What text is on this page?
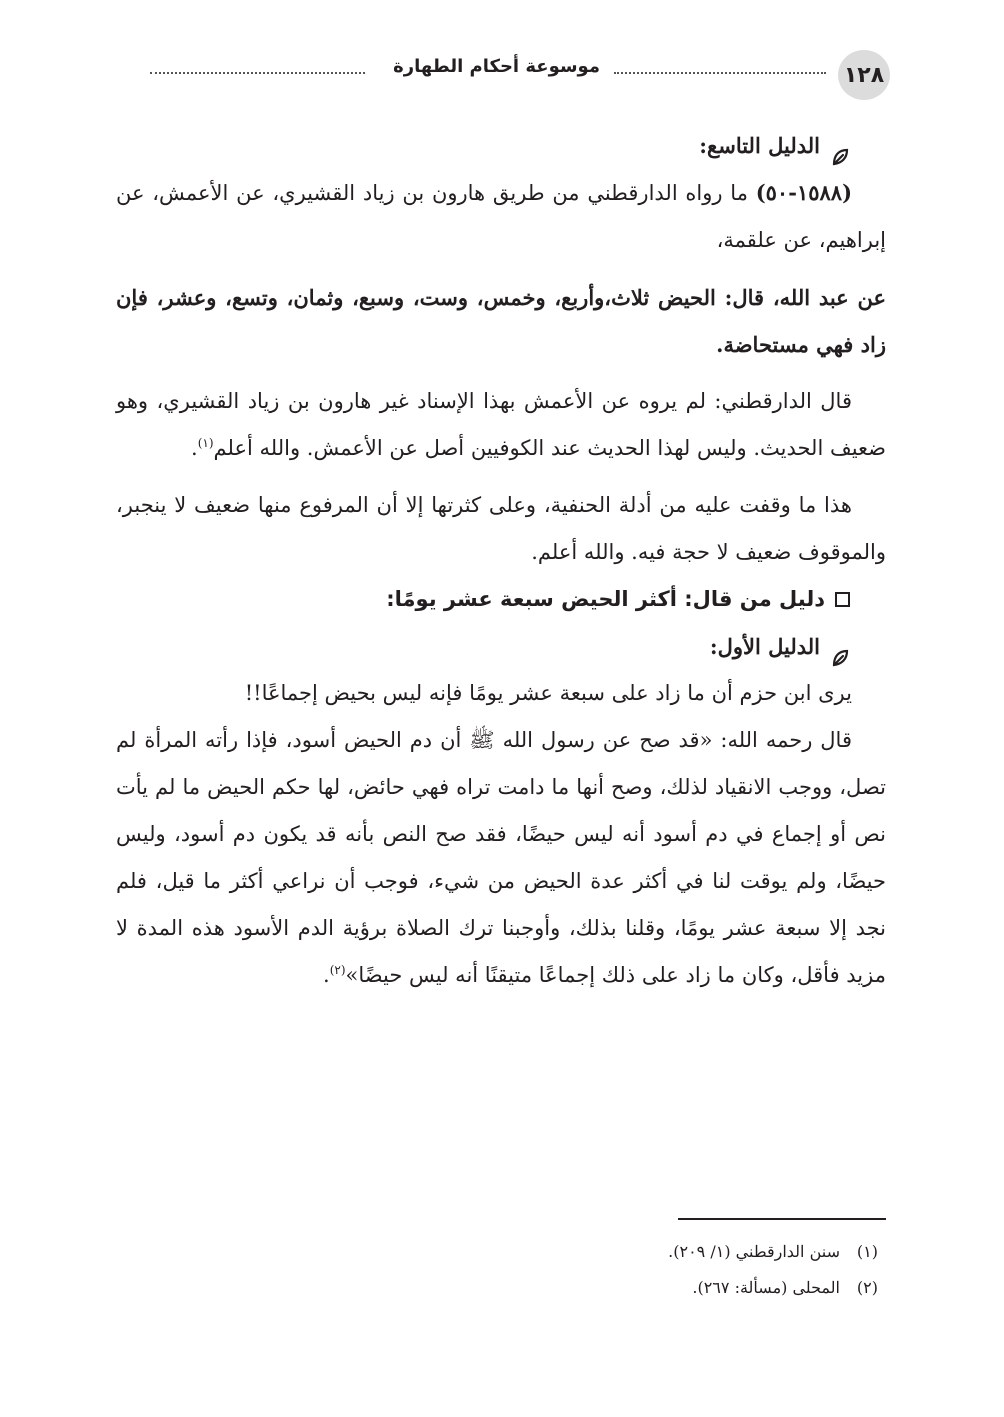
١٢٨
موسوعة أحكام الطهارة
الدليل التاسع:

(١٥٨٨-٥٠) ما رواه الدارقطني من طريق هارون بن زياد القشيري، عن الأعمش، عن إبراهيم، عن علقمة،

عن عبد الله، قال: الحيض ثلاث،وأربع، وخمس، وست، وسبع، وثمان، وتسع، وعشر، فإن زاد فهي مستحاضة.

قال الدارقطني: لم يروه عن الأعمش بهذا الإسناد غير هارون بن زياد القشيري، وهو ضعيف الحديث. وليس لهذا الحديث عند الكوفيين أصل عن الأعمش. والله أعلم$^{(١)}$.

هذا ما وقفت عليه من أدلة الحنفية، وعلى كثرتها إلا أن المرفوع منها ضعيف لا ينجبر، والموقوف ضعيف لا حجة فيه. والله أعلم.

دليل من قال: أكثر الحيض سبعة عشر يومًا:
الدليل الأول:

يرى ابن حزم أن ما زاد على سبعة عشر يومًا فإنه ليس بحيض إجماعًا!!

قال رحمه الله: «قد صح عن رسول الله ﷺ أن دم الحيض أسود، فإذا رأته المرأة لم تصل، ووجب الانقياد لذلك، وصح أنها ما دامت تراه فهي حائض، لها حكم الحيض ما لم يأت نص أو إجماع في دم أسود أنه ليس حيضًا، فقد صح النص بأنه قد يكون دم أسود، وليس حيضًا، ولم يوقت لنا في أكثر عدة الحيض من شيء، فوجب أن نراعي أكثر ما قيل، فلم نجد إلا سبعة عشر يومًا، وقلنا بذلك، وأوجبنا ترك الصلاة برؤية الدم الأسود هذه المدة لا مزيد فأقل، وكان ما زاد على ذلك إجماعًا متيقنًا أنه ليس حيضًا»$^{(٢)}$.

(١)سنن الدارقطني (١/ ٢٠٩).

(٢)المحلى (مسألة: ٢٦٧).
